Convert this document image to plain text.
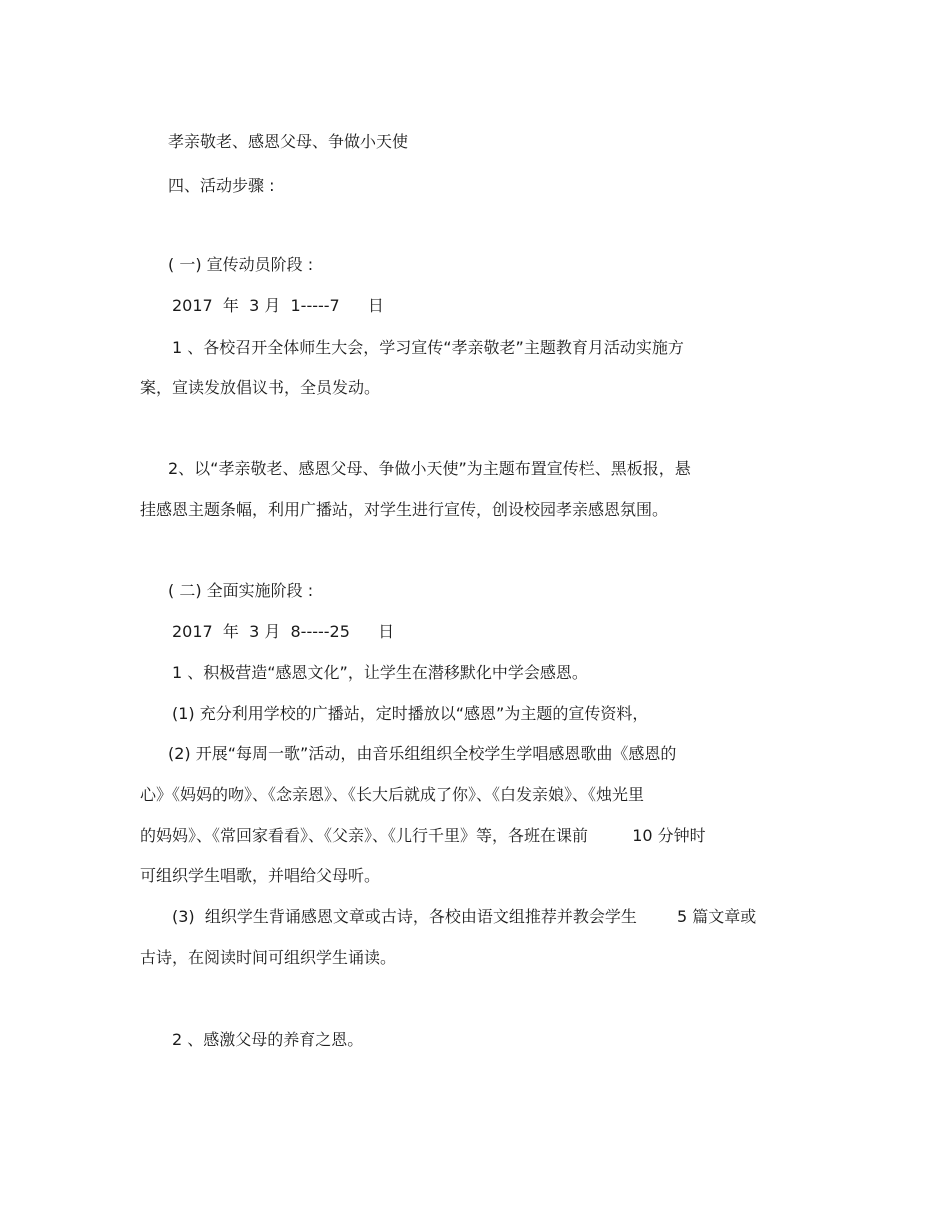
孝亲敬老、感恩父母、争做小天使
四、活动步骤 :
( 一) 宣传动员阶段 :
2017  年  3 月  1-----7 日
1 、各校召开全体师生大会，学习宣传“孝亲敬老”主题教育月活动实施方
案，宣读发放倡议书，全员发动。
2、以“孝亲敬老、感恩父母、争做小天使”为主题布置宣传栏、黑板报，悬
挂感恩主题条幅，利用广播站，对学生进行宣传，创设校园孝亲感恩氛围。
( 二) 全面实施阶段 :
2017  年  3 月  8-----25 日
1 、积极营造“感恩文化”，让学生在潜移默化中学会感恩。
(1) 充分利用学校的广播站，定时播放以“感恩”为主题的宣传资料，
(2) 开展“每周一歌”活动，由音乐组组织全校学生学唱感恩歌曲《感恩的
心》《妈妈的吻》、《念亲恩》、《长大后就成了你》、《白发亲娘》、《烛光里
的妈妈》、《常回家看看》、《父亲》、《儿行千里》等，各班在课前	10 分钟时
可组织学生唱歌，并唱给父母听。
(3)  组织学生背诵感恩文章或古诗，各校由语文组推荐并教会学生	5 篇文章或
古诗，在阅读时间可组织学生诵读。
2 、感激父母的养育之恩。
